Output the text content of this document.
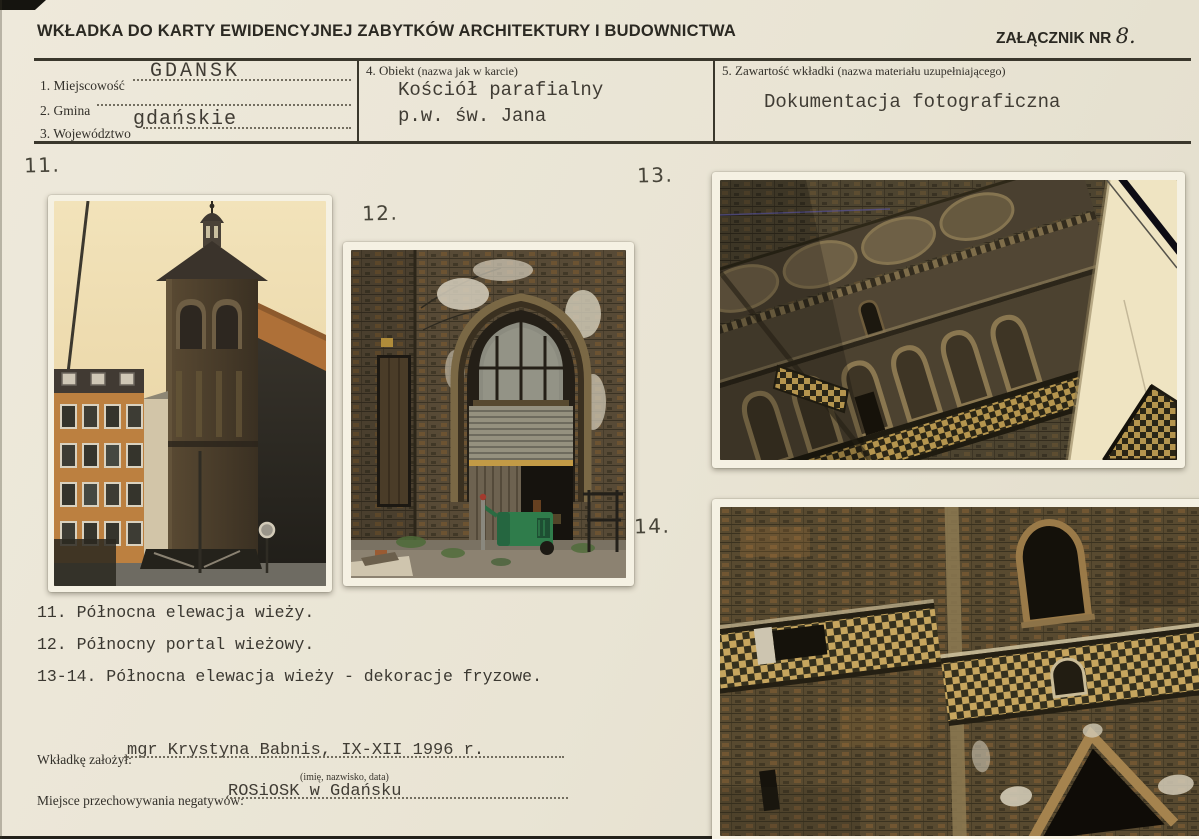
WKŁADKA DO KARTY EWIDENCYJNEJ ZABYTKÓW ARCHITEKTURY I BUDOWNICTWA	ZAŁĄCZNIK NR 8.
1. Miejscowość
GDANSK
2. Gmina
3. Województwo
gdańskie
4. Obiekt (nazwa jak w karcie)
Kościół parafialny
p.w. św. Jana
5. Zawartość wkładki (nazwa materiału uzupełniającego)
Dokumentacja fotograficzna
11.
12.
13.
14.
11. Północna elewacja wieży.
12. Północny portal wieżowy.
13-14. Północna elewacja wieży - dekoracje fryzowe.
Wkładkę założył:
mgr Krystyna Babnis, IX-XII 1996 r.
(imię, nazwisko, data)
Miejsce przechowywania negatywów:
ROSiOSK w Gdańsku
